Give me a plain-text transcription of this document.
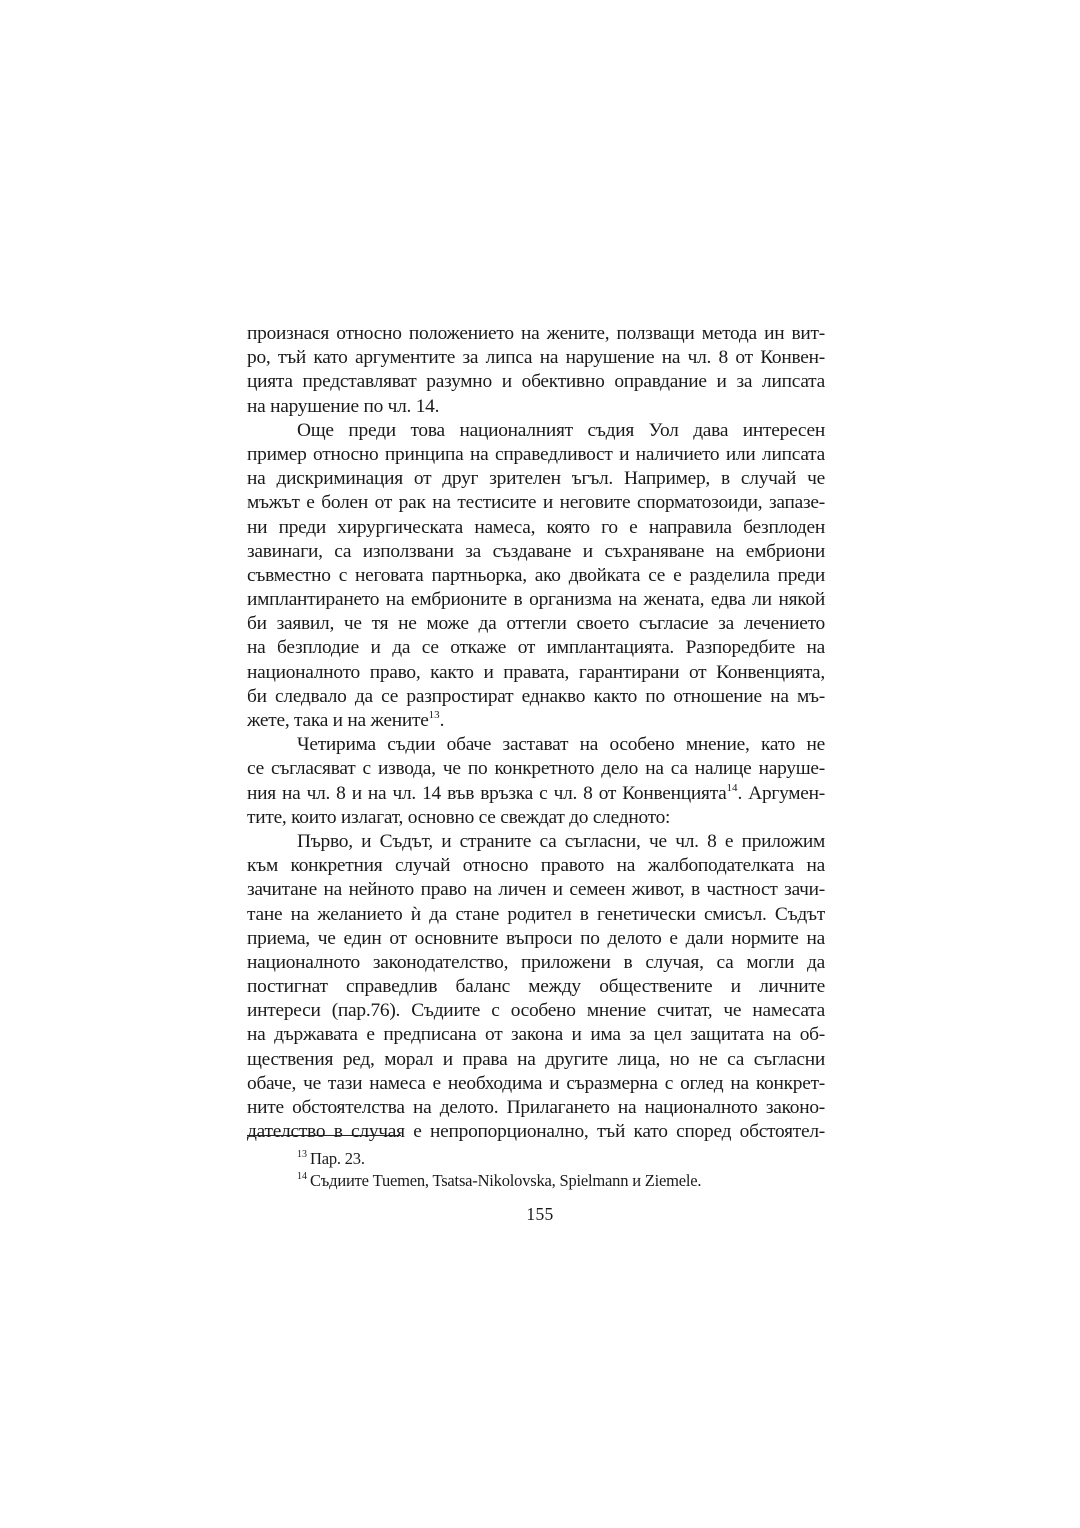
произнася относно положението на жените, ползващи метода ин вит-
ро, тъй като аргументите за липса на нарушение на чл. 8 от Конвен-
цията представляват разумно и обективно оправдание и за липсата
на нарушение по чл. 14.
Още преди това националният съдия Уол дава интересен
пример относно принципа на справедливост и наличието или липсата
на дискриминация от друг зрителен ъгъл. Например, в случай че
мъжът е болен от рак на тестисите и неговите спорматозоиди, запазе-
ни преди хирургическата намеса, която го е направила безплоден
завинаги, са използвани за създаване и съхраняване на ембриони
съвместно с неговата партньорка, ако двойката се е разделила преди
имплантирането на ембрионите в организма на жената, едва ли някой
би заявил, че тя не може да оттегли своето съгласие за лечението
на безплодие и да се откаже от имплантацията. Разпоредбите на
националното право, както и правата, гарантирани от Конвенцията,
би следвало да се разпростират еднакво както по отношение на мъ-
жете, така и на жените$^{13}$.
Четирима съдии обаче застават на особено мнение, като не
се съгласяват с извода, че по конкретното дело на са налице наруше-
ния на чл. 8 и на чл. 14 във връзка с чл. 8 от Конвенцията$^{14}$. Аргумен-
тите, които излагат, основно се свеждат до следното:
Първо, и Съдът, и страните са съгласни, че чл. 8 е приложим
към конкретния случай относно правото на жалбоподателката на
зачитане на нейното право на личен и семеен живот, в частност зачи-
тане на желанието ѝ да стане родител в генетически смисъл. Съдът
приема, че един от основните въпроси по делото е дали нормите на
националното законодателство, приложени в случая, са могли да
постигнат справедлив баланс между обществените и личните
интереси (пар.76). Съдиите с особено мнение считат, че намесата
на държавата е предписана от закона и има за цел защитата на об-
ществения ред, морал и права на другите лица, но не са съгласни
обаче, че тази намеса е необходима и съразмерна с оглед на конкрет-
ните обстоятелства на делото. Прилагането на националното законо-
дателство в случая е непропорционално, тъй като според обстоятел-
$^{13}$ Пар. 23.
$^{14}$ Съдиите Tuemen, Tsatsa-Nikolovska, Spielmann и Ziemele.
155
